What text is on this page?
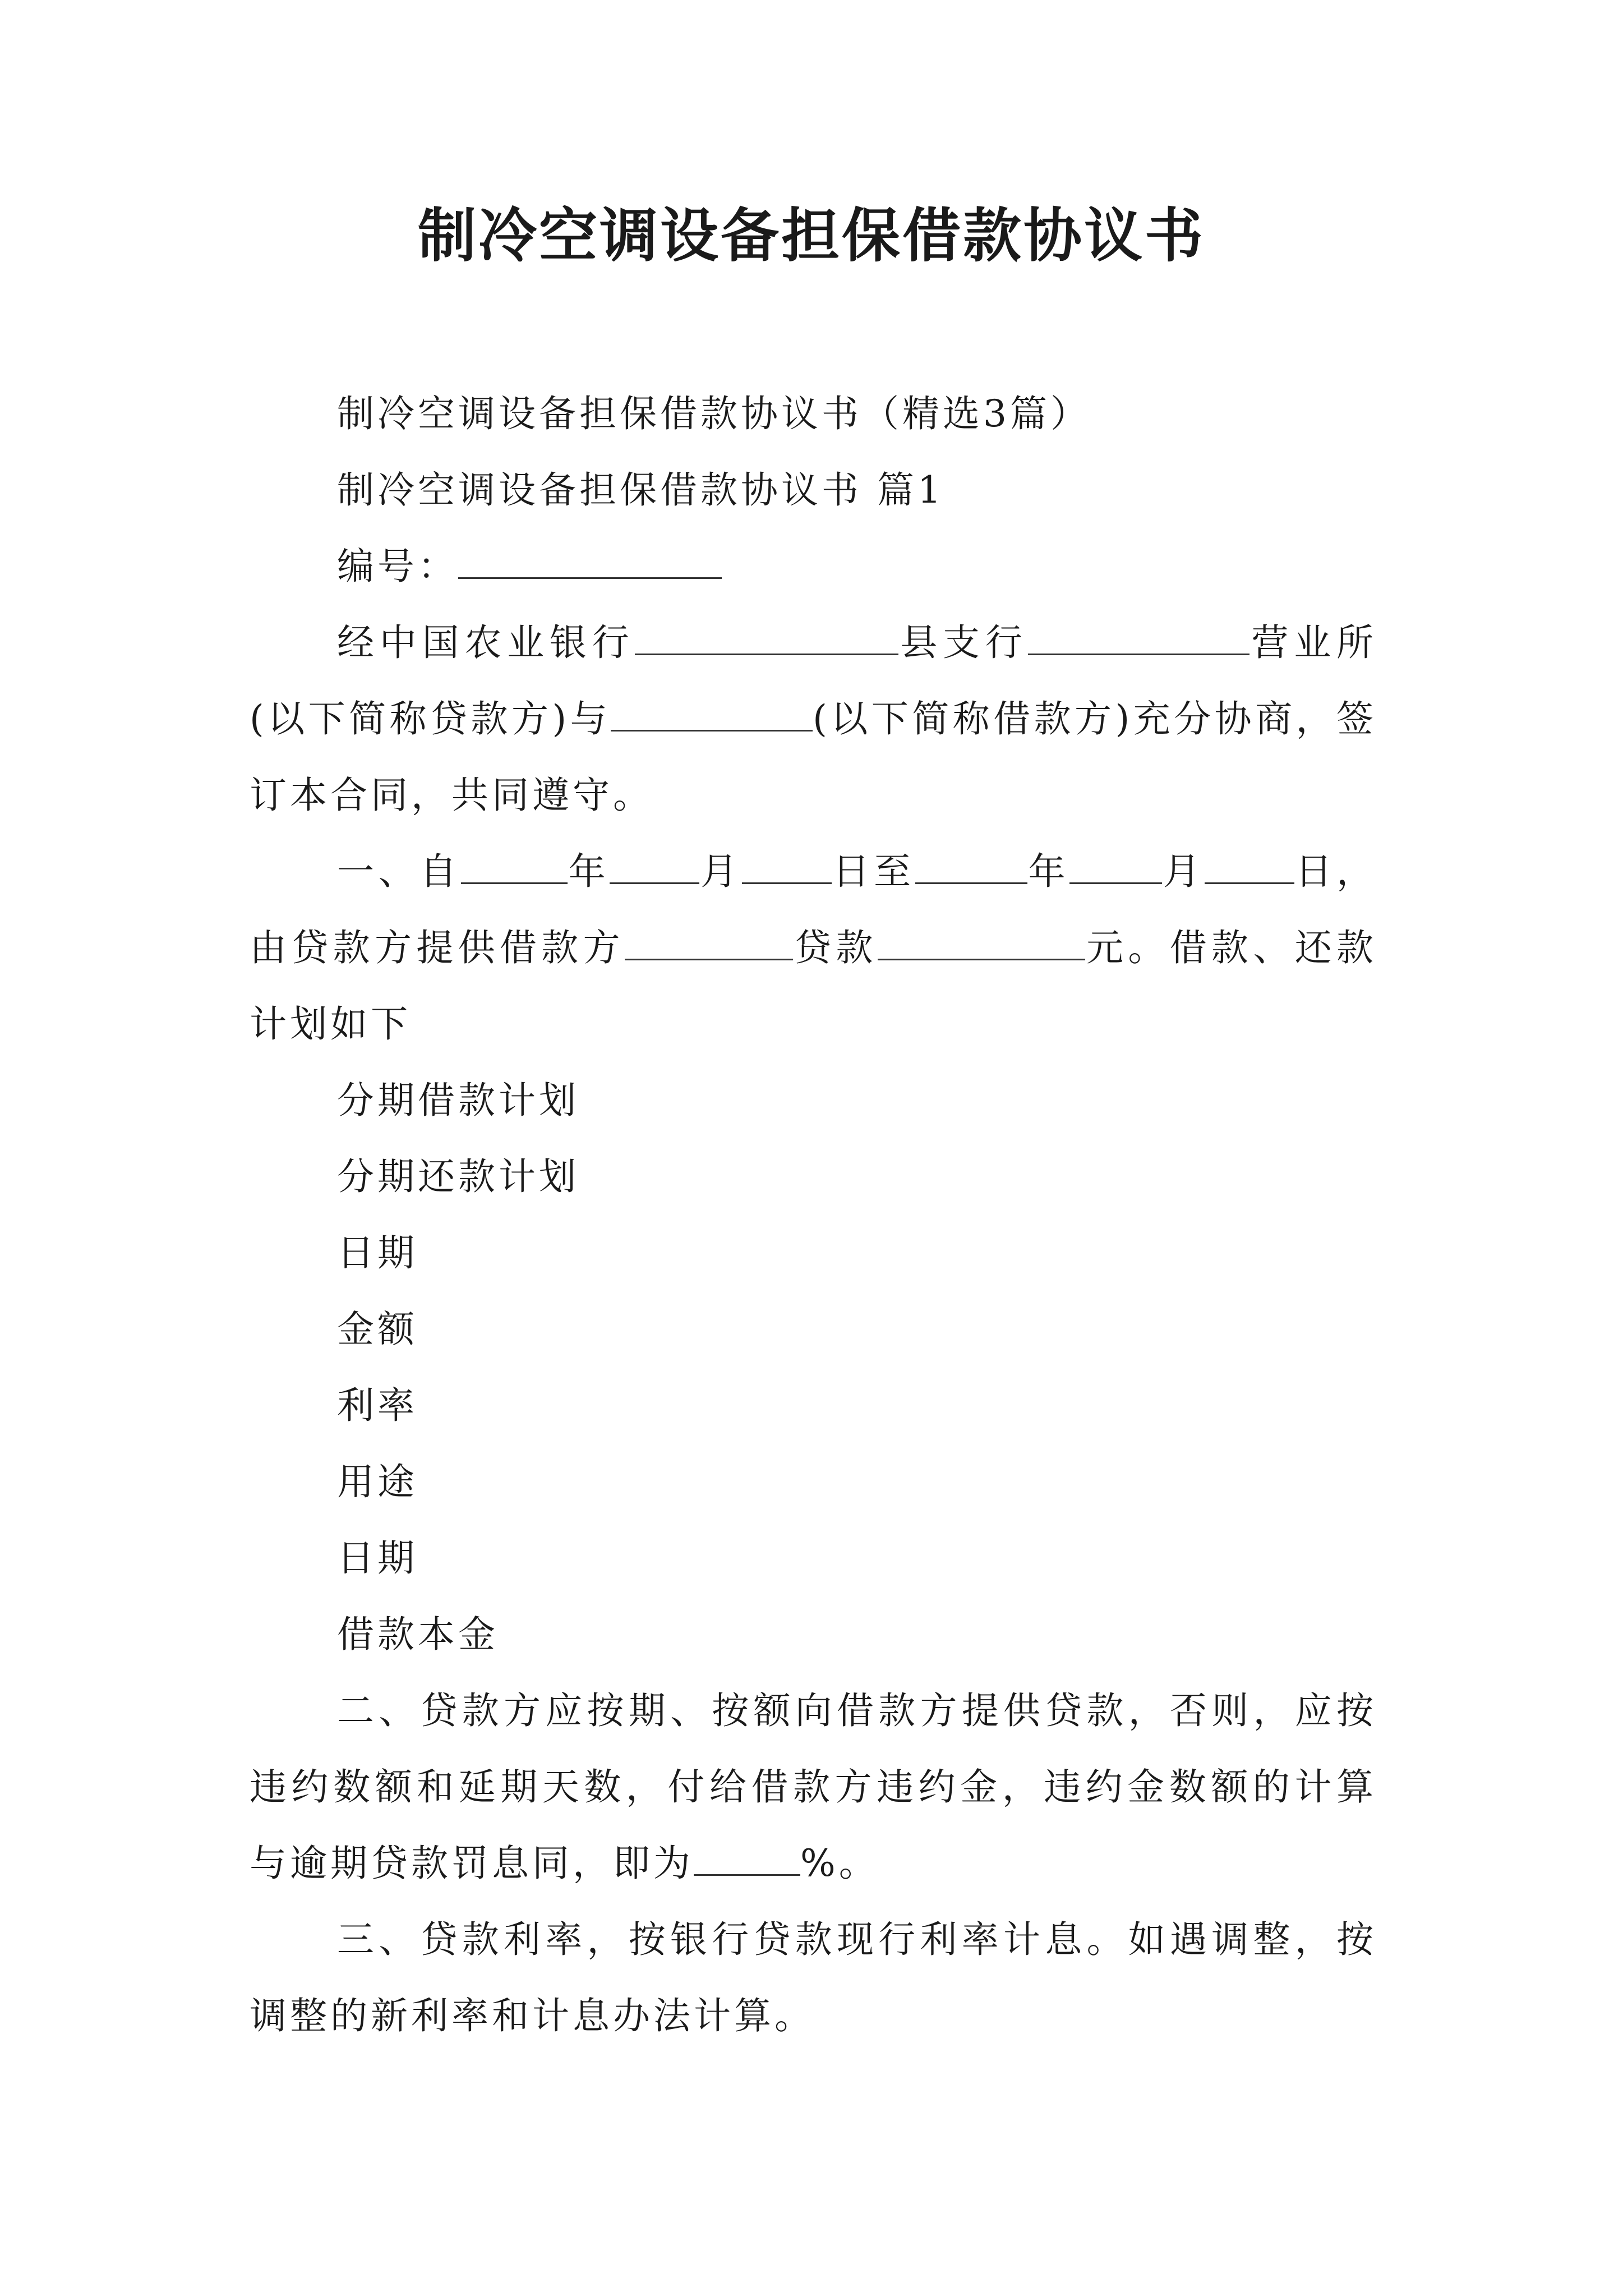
制冷空调设备担保借款协议书

制冷空调设备担保借款协议书（精选3篇）

制冷空调设备担保借款协议书 篇1

编号：

经中国农业银行	县支行	营业所(以下简称贷款方)与	(以下简称借款方)充分协商，签订本合同，共同遵守。

一、自	年 月 日至	年	月 日，由贷款方提供借款方	贷款	元。借款、还款计划如下

分期借款计划

分期还款计划

日期

金额

利率

用途

日期

借款本金

二、贷款方应按期、按额向借款方提供贷款，否则，应按违约数额和延期天数，付给借款方违约金，违约金数额的计算与逾期贷款罚息同，即为	%。

三、贷款利率，按银行贷款现行利率计息。如遇调整，按调整的新利率和计息办法计算。
